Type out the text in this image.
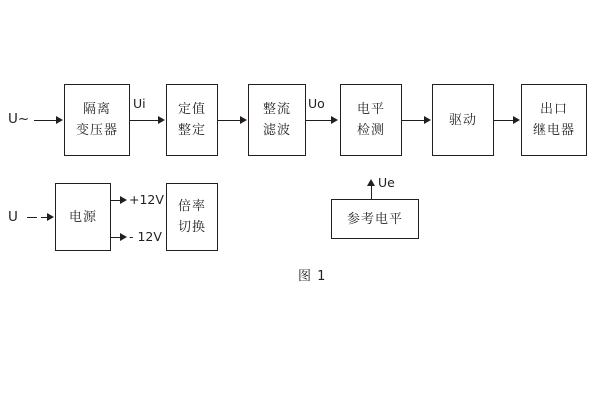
隔离
变压器
定值
整定
整流
滤波
电平
检测
驱动
出口
继电器
电源
倍率
切换
参考电平
U~
U
Ui	Uo
Ue
+12V
- 12V
图 1
